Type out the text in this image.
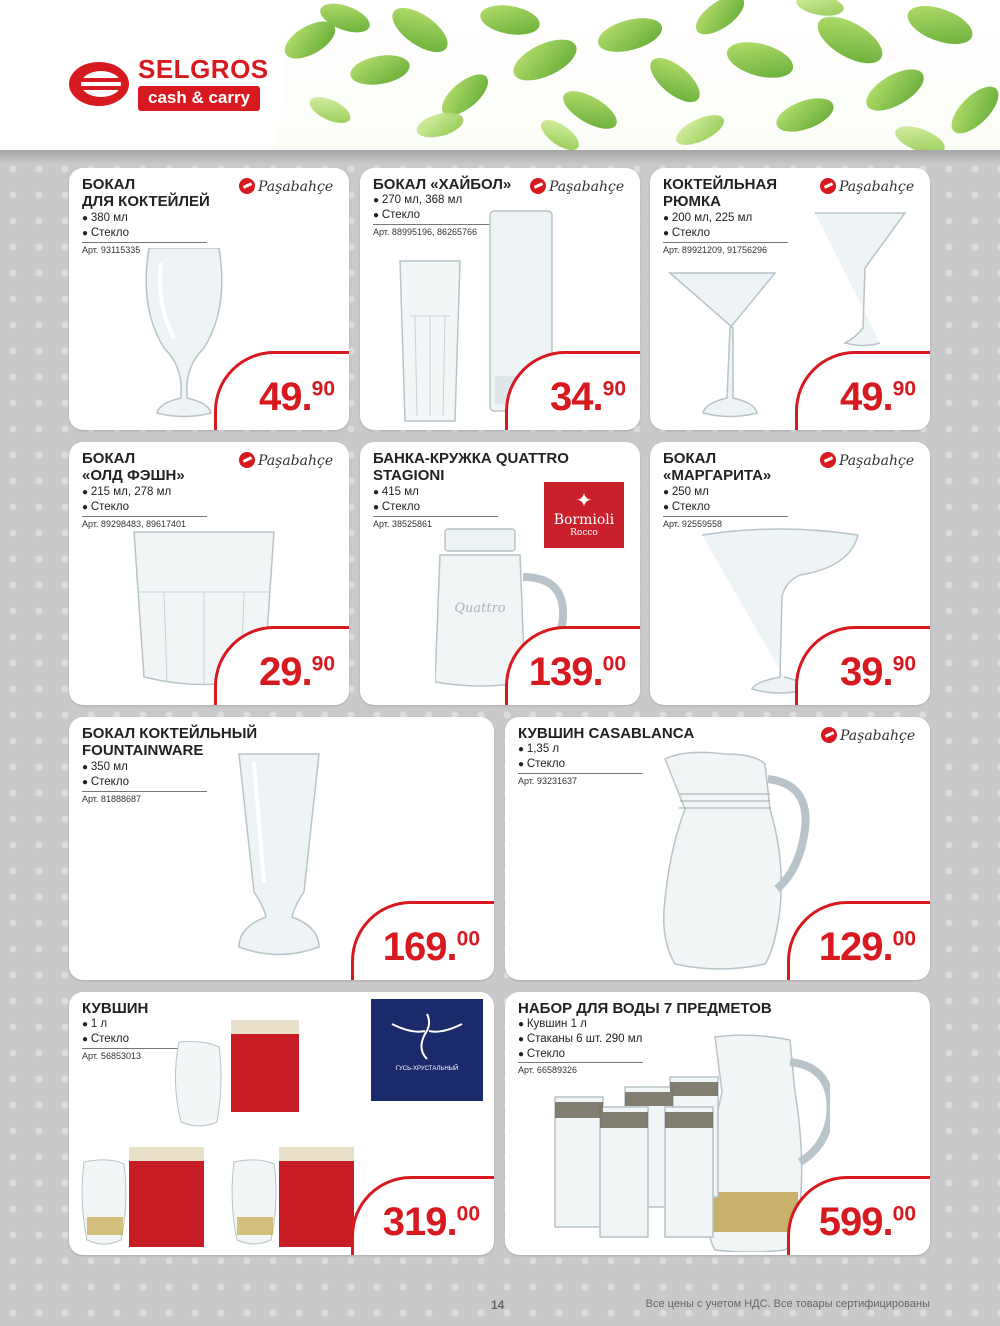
SELGROS
cash & carry
БОКАЛ
ДЛЯ КОКТЕЙЛЕЙ
● 380 мл
● Стекло
Арт. 93115335
Paşabahçe
49.90
БОКАЛ «ХАЙБОЛ»
● 270 мл, 368 мл
● Стекло
Арт. 88995196, 86265766
Paşabahçe
34.90
КОКТЕЙЛЬНАЯ
РЮМКА
● 200 мл, 225 мл
● Стекло
Арт. 89921209, 91756296
Paşabahçe
49.90
БОКАЛ
«ОЛД ФЭШН»
● 215 мл, 278 мл
● Стекло
Арт. 89298483, 89617401
Paşabahçe
29.90
БАНКА-КРУЖКА QUATTRO
STAGIONI
● 415 мл
● Стекло
Арт. 38525861
✦
Bormioli
Rocco
Quattro
139.00
БОКАЛ
«МАРГАРИТА»
● 250 мл
● Стекло
Арт. 92559558
Paşabahçe
39.90
БОКАЛ КОКТЕЙЛЬНЫЙ
FOUNTAINWARE
● 350 мл
● Стекло
Арт. 81888687
169.00
КУВШИН CASABLANCA
● 1,35 л
● Стекло
Арт. 93231637
Paşabahçe
129.00
КУВШИН
● 1 л
● Стекло
Арт. 56853013
ГУСЬ-ХРУСТАЛЬНЫЙ
319.00
НАБОР ДЛЯ ВОДЫ 7 ПРЕДМЕТОВ
● Кувшин 1 л
● Стаканы 6 шт. 290 мл
● Стекло
Арт. 66589326
599.00
14	Все цены с учетом НДС. Все товары сертифицированы
